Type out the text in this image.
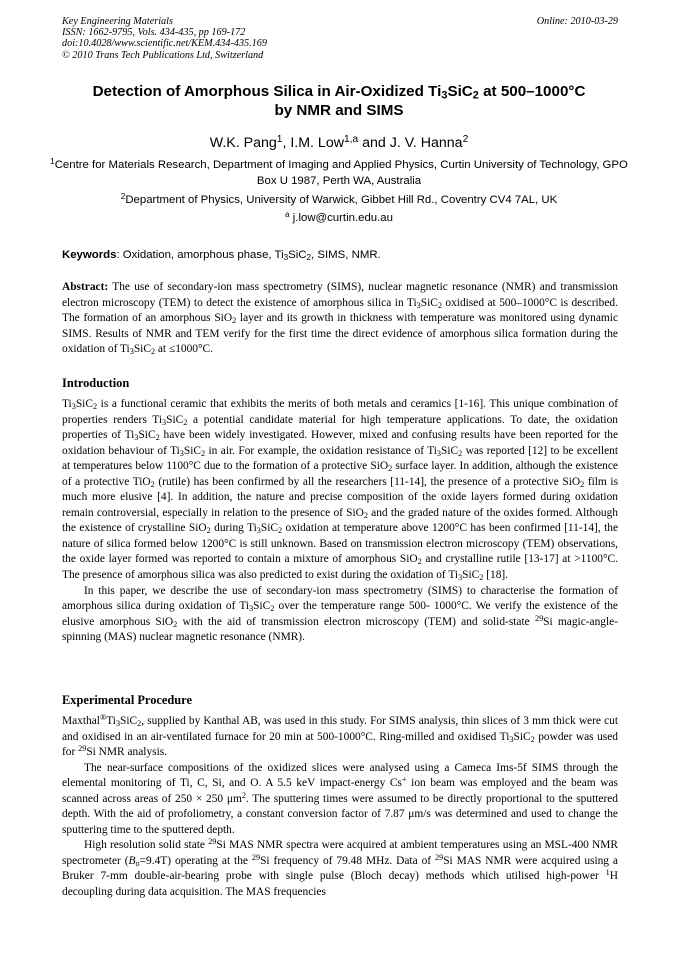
Key Engineering Materials
ISSN: 1662-9795, Vols. 434-435, pp 169-172
doi:10.4028/www.scientific.net/KEM.434-435.169
© 2010 Trans Tech Publications Ltd, Switzerland
Online: 2010-03-29
Detection of Amorphous Silica in Air-Oxidized $Ti_3SiC_2$ at 500–1000°C
by NMR and SIMS
W.K. Pang$^1$, I.M. Low$^{1,a}$ and J. V. Hanna$^2$
$^1$Centre for Materials Research, Department of Imaging and Applied Physics, Curtin University of Technology, GPO Box U 1987, Perth WA, Australia
$^2$Department of Physics, University of Warwick, Gibbet Hill Rd., Coventry CV4 7AL, UK
$^a$ j.low@curtin.edu.au
Keywords: Oxidation, amorphous phase, $Ti_3SiC_2$, SIMS, NMR.

Abstract: The use of secondary-ion mass spectrometry (SIMS), nuclear magnetic resonance (NMR) and transmission electron microscopy (TEM) to detect the existence of amorphous silica in $Ti_3SiC_2$ oxidised at 500–1000°C is described. The formation of an amorphous SiO$_2$ layer and its growth in thickness with temperature was monitored using dynamic SIMS. Results of NMR and TEM verify for the first time the direct evidence of amorphous silica formation during the oxidation of $Ti_3SiC_2$ at ≤1000°C.

Introduction

$Ti_3SiC_2$ is a functional ceramic that exhibits the merits of both metals and ceramics [1-16]. This unique combination of properties renders $Ti_3SiC_2$ a potential candidate material for high temperature applications. To date, the oxidation properties of $Ti_3SiC_2$ have been widely investigated. However, mixed and confusing results have been reported for the oxidation behaviour of $Ti_3SiC_2$ in air. For example, the oxidation resistance of $Ti_3SiC_2$ was reported [12] to be excellent at temperatures below 1100°C due to the formation of a protective SiO$_2$ surface layer. In addition, although the existence of a protective TiO$_2$ (rutile) has been confirmed by all the researchers [11-14], the presence of a protective SiO$_2$ film is much more elusive [4]. In addition, the nature and precise composition of the oxide layers formed during oxidation remain controversial, especially in relation to the presence of SiO$_2$ and the graded nature of the oxides formed. Although the existence of crystalline SiO$_2$ during $Ti_3SiC_2$ oxidation at temperature above 1200°C has been confirmed [11-14], the nature of silica formed below 1200°C is still unknown. Based on transmission electron microscopy (TEM) observations, the oxide layer formed was reported to contain a mixture of amorphous SiO$_2$ and crystalline rutile [13-17] at >1100°C. The presence of amorphous silica was also predicted to exist during the oxidation of $Ti_3SiC_2$ [18].

In this paper, we describe the use of secondary-ion mass spectrometry (SIMS) to characterise the formation of amorphous silica during oxidation of $Ti_3SiC_2$ over the temperature range 500- 1000°C. We verify the existence of the elusive amorphous SiO$_2$ with the aid of transmission electron microscopy (TEM) and solid-state $^{29}$Si magic-angle-spinning (MAS) nuclear magnetic resonance (NMR).

Experimental Procedure

$Maxthal®Ti_3SiC_2$, supplied by Kanthal AB, was used in this study. For SIMS analysis, thin slices of 3 mm thick were cut and oxidised in an air-ventilated furnace for 20 min at 500-1000°C. Ring-milled and oxidised $Ti_3SiC_2$ powder was used for $^{29}$Si NMR analysis.

The near-surface compositions of the oxidized slices were analysed using a Cameca Ims-5f SIMS through the elemental monitoring of Ti, C, Si, and O. A 5.5 keV impact-energy Cs+ ion beam was employed and the beam was scanned across areas of 250 × 250 $\mu m^2$. The sputtering times were assumed to be directly proportional to the sputtered depth. With the aid of profoliometry, a constant conversion factor of 7.87 μm/s was determined and used to change the sputtering time to the sputtered depth.

High resolution solid state $^{29}$Si MAS NMR spectra were acquired at ambient temperatures using an MSL-400 NMR spectrometer $(B_o=9.4T)$ operating at the $^{29}$Si frequency of 79.48 MHz. Data of $^{29}$Si MAS NMR were acquired using a Bruker 7-mm double-air-bearing probe with single pulse (Bloch decay) methods which utilised high-power $^1$H decoupling during data acquisition. The MAS frequencies
